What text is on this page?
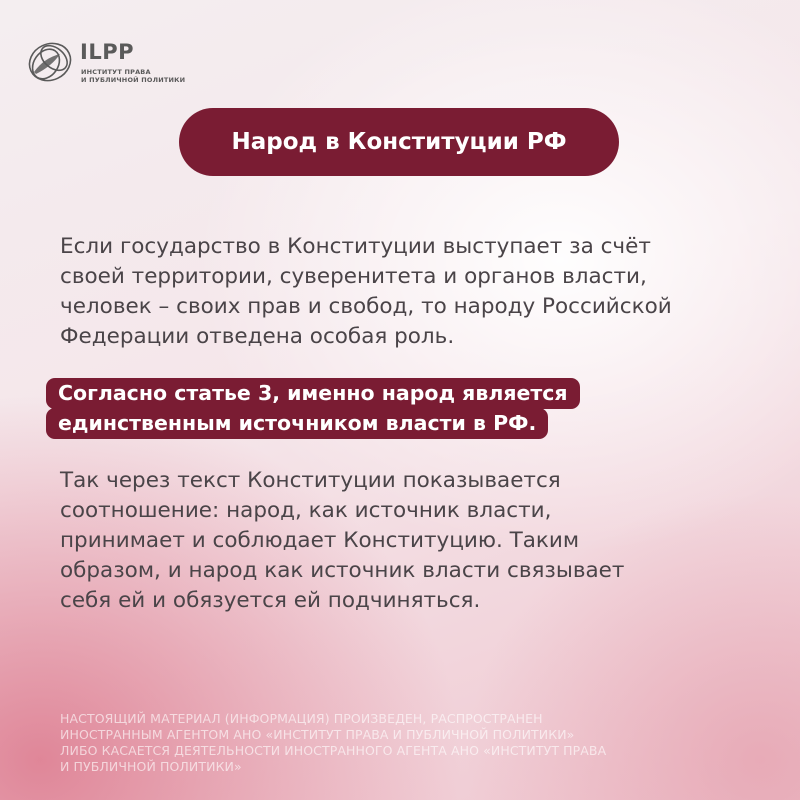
ILPP
ИНСТИТУТ ПРАВА
И ПУБЛИЧНОЙ ПОЛИТИКИ
Народ в Конституции РФ
Если государство в Конституции выступает за счёт
своей территории, суверенитета и органов власти,
человек – своих прав и свобод, то народу Российской
Федерации отведена особая роль.
Согласно статье 3, именно народ является
единственным источником власти в РФ.
Так через текст Конституции показывается
соотношение: народ, как источник власти,
принимает и соблюдает Конституцию. Таким
образом, и народ как источник власти связывает
себя ей и обязуется ей подчиняться.
НАСТОЯЩИЙ МАТЕРИАЛ (ИНФОРМАЦИЯ) ПРОИЗВЕДЕН, РАСПРОСТРАНЕН
ИНОСТРАННЫМ АГЕНТОМ АНО «ИНСТИТУТ ПРАВА И ПУБЛИЧНОЙ ПОЛИТИКИ»
ЛИБО КАСАЕТСЯ ДЕЯТЕЛЬНОСТИ ИНОСТРАННОГО АГЕНТА АНО «ИНСТИТУТ ПРАВА
И ПУБЛИЧНОЙ ПОЛИТИКИ»
